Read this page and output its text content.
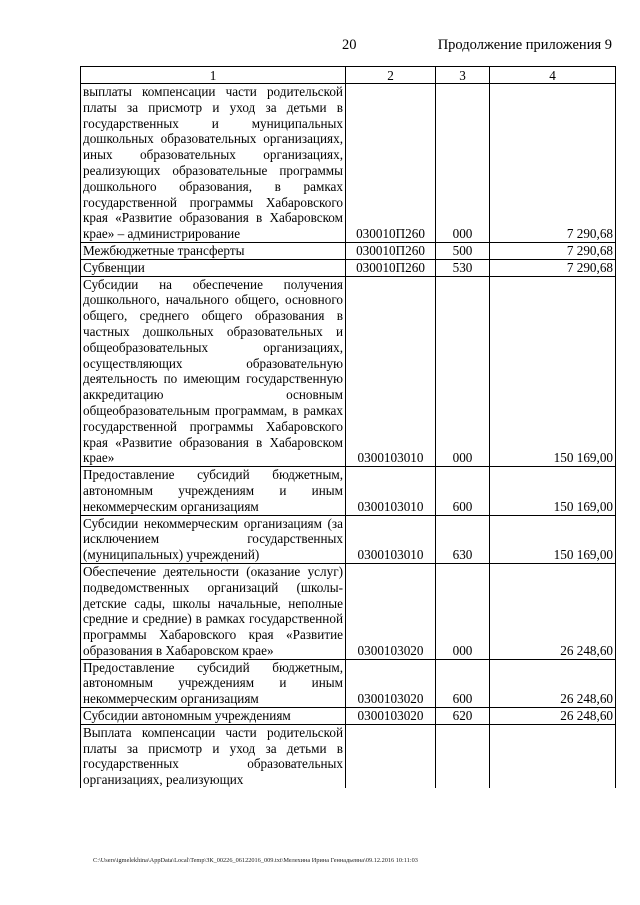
20	Продолжение приложения 9
1	2	3	4
выплаты компенсации части родительской платы за присмотр и уход за детьми в государственных и муниципальных дошкольных образовательных организациях, иных образовательных организациях, реализующих образовательные программы дошкольного образования, в рамках государственной программы Хабаровского края «Развитие образования в Хабаровском крае» – администрирование	030010П260	000	7 290,68
Межбюджетные трансферты	030010П260	500	7 290,68
Субвенции	030010П260	530	7 290,68
Субсидии на обеспечение получения дошкольного, начального общего, основного общего, среднего общего образования в частных дошкольных образовательных и общеобразовательных организациях, осуществляющих образовательную деятельность по имеющим государственную аккредитацию основным общеобразовательным программам, в рамках государственной программы Хабаровского края «Развитие образования в Хабаровском крае»	0300103010	000	150 169,00
Предоставление субсидий бюджетным, автономным учреждениям и иным некоммерческим организациям	0300103010	600	150 169,00
Субсидии некоммерческим организациям (за исключением государственных (муниципальных) учреждений)	0300103010	630	150 169,00
Обеспечение деятельности (оказание услуг) подведомственных организаций (школы-детские сады, школы начальные, неполные средние и средние) в рамках государственной программы Хабаровского края «Развитие образования в Хабаровском крае»	0300103020	000	26 248,60
Предоставление субсидий бюджетным, автономным учреждениям и иным некоммерческим организациям	0300103020	600	26 248,60
Субсидии автономным учреждениям	0300103020	620	26 248,60
Выплата компенсации части родительской платы за присмотр и уход за детьми в государственных образовательных организациях, реализующих			
C:\Users\igmelekhina\AppData\Local\Temp\ЗК_00226_06122016_009.txt\Мелехина Ирина Геннадьевна\09.12.2016 10:11:03
